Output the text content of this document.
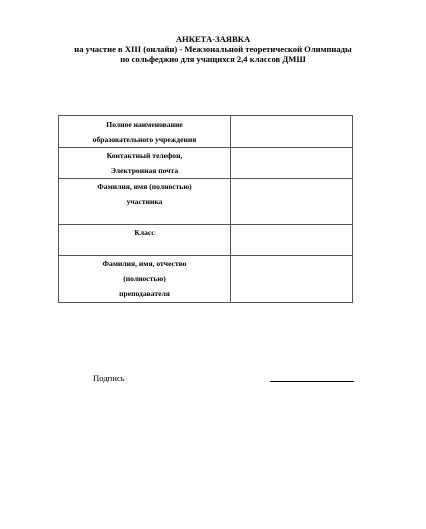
АНКЕТА-ЗАЯВКА
на участие в XIII (онлайн) - Межзональной теоретической Олимпиады
по сольфеджио для учащихся 2,4 классов ДМШ
Полное наименование
образовательного учреждения	

Контактный телефон,
Электронная почта	

Фамилия, имя (полностью)
участника	

Класс	

Фамилия, имя, отчество
(полностью)
преподавателя	

Подпись
